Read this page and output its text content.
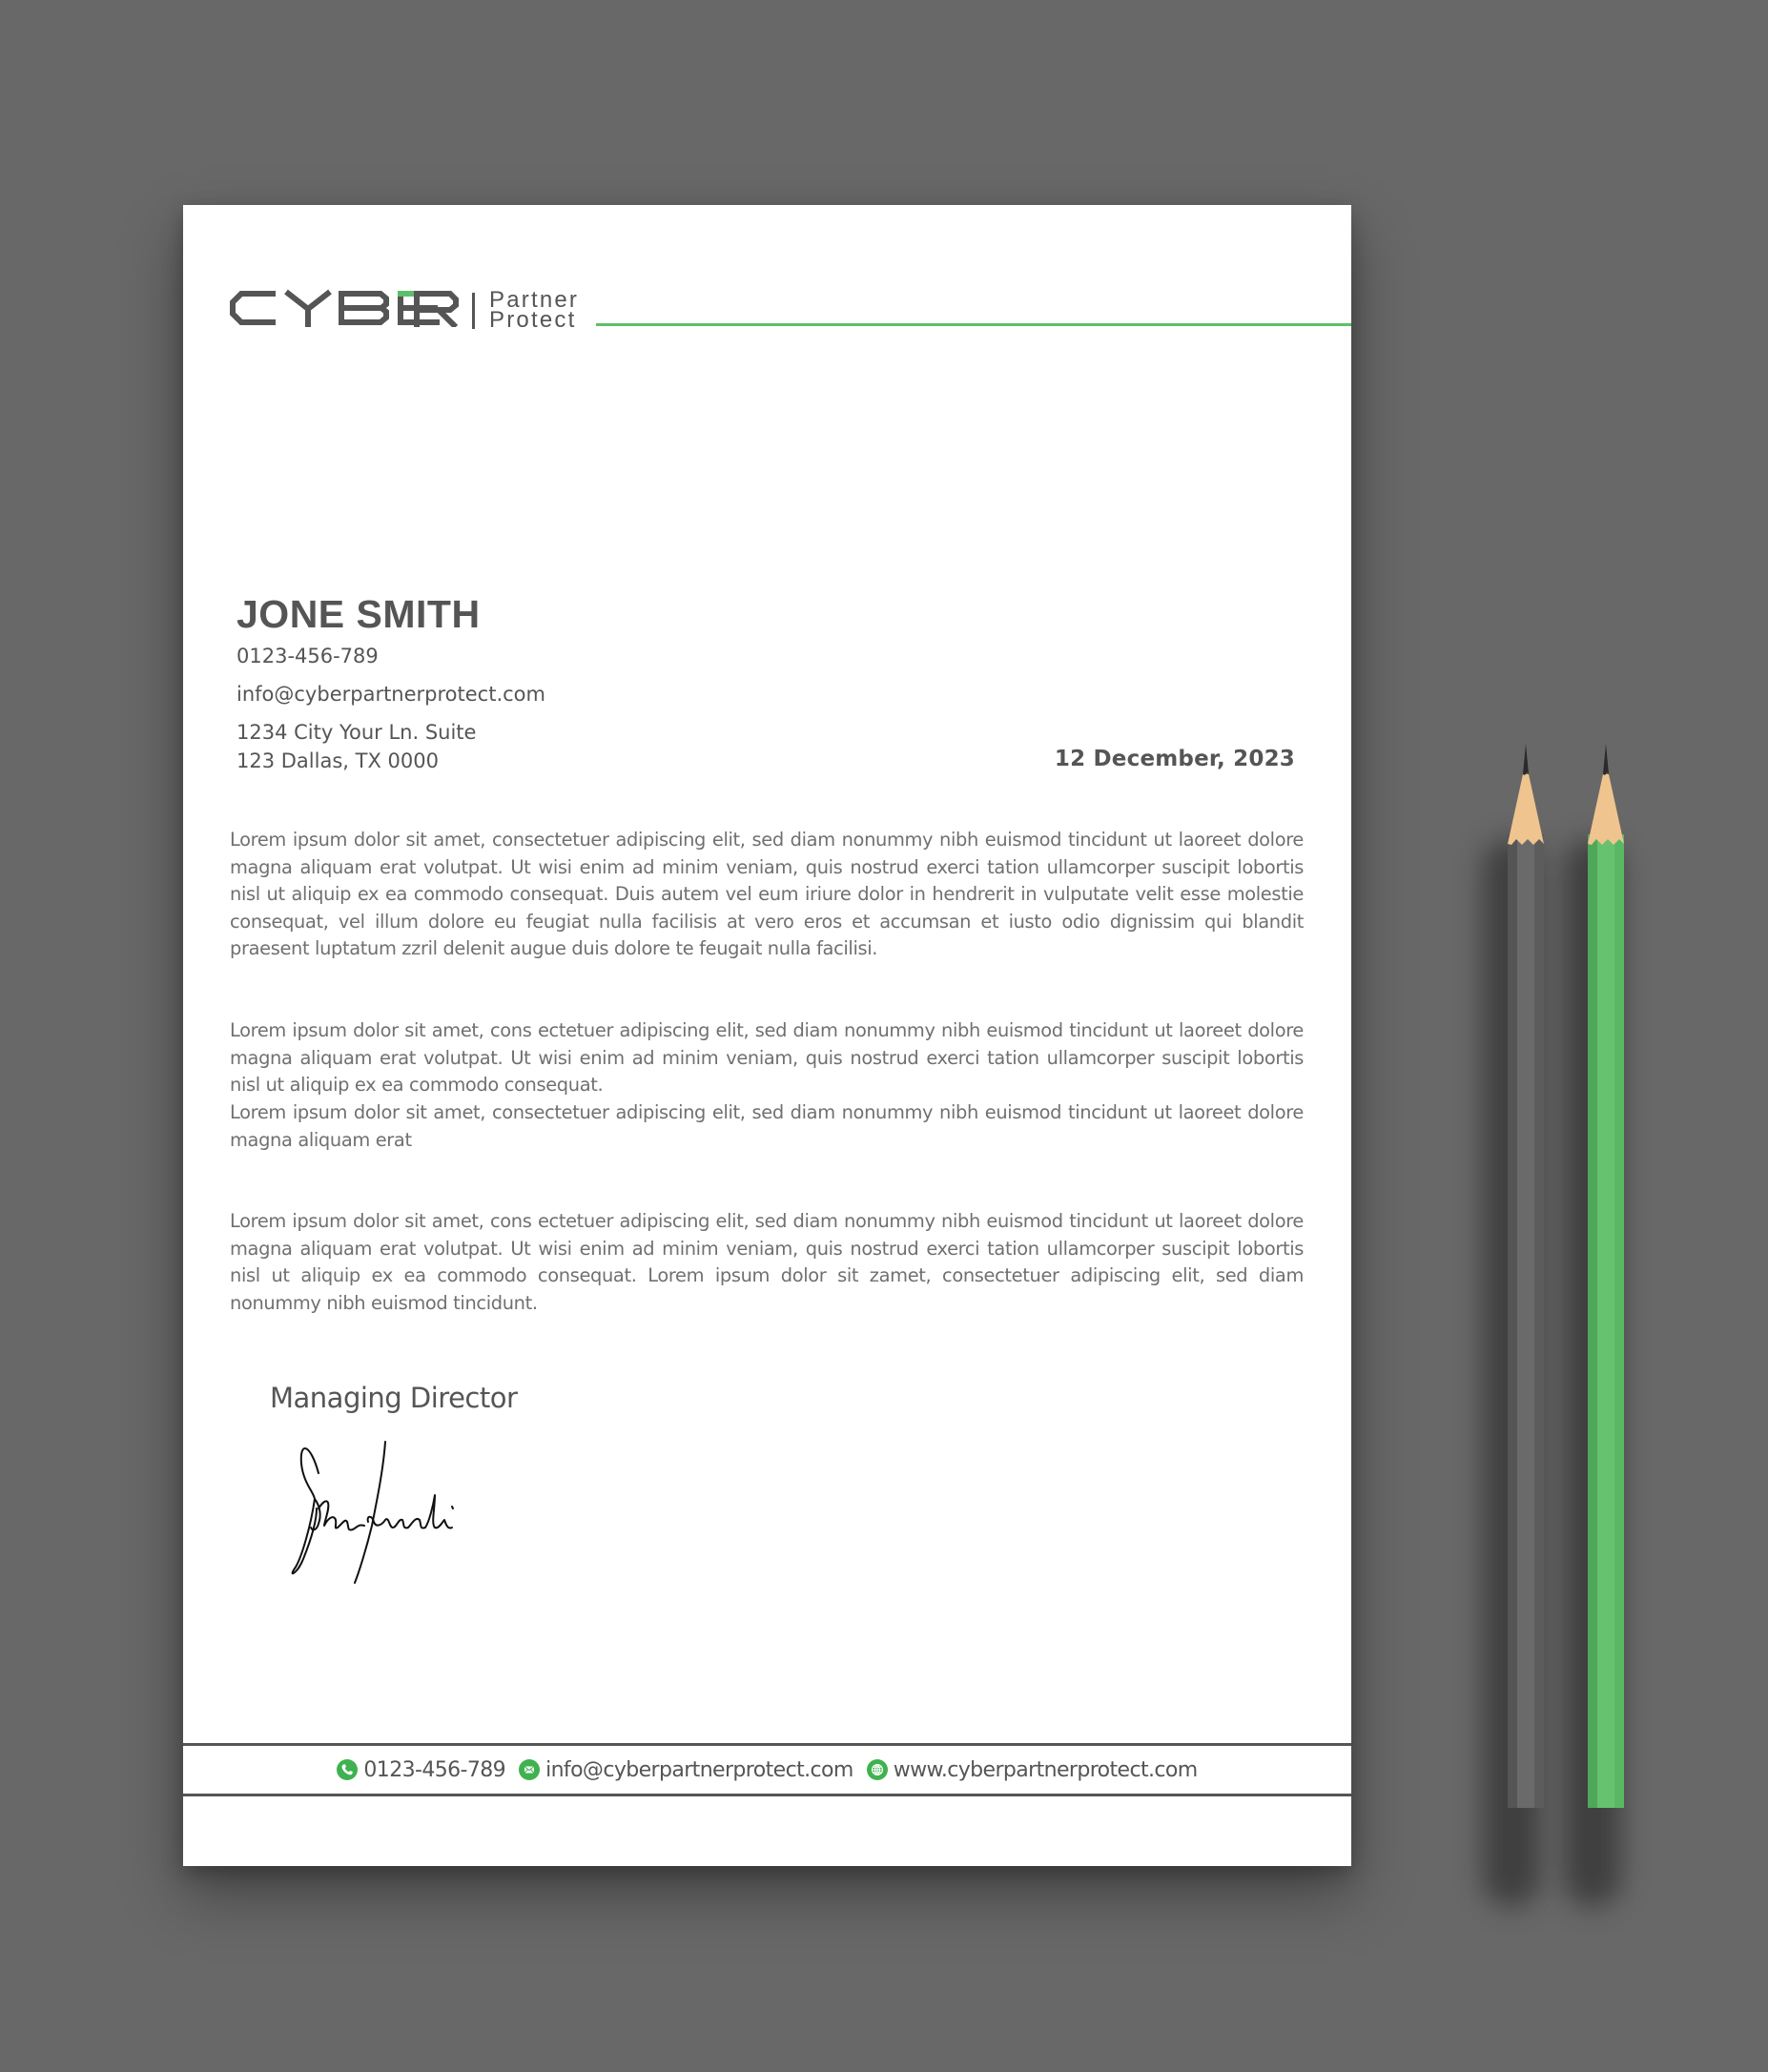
Partner
Protect
JONE SMITH
0123-456-789
info@cyberpartnerprotect.com
1234 City Your Ln. Suite
123 Dallas, TX 0000	12 December, 2023
Lorem ipsum dolor sit amet, consectetuer adipiscing elit, sed diam nonummy nibh euismod tincidunt ut laoreet dolore magna aliquam erat volutpat. Ut wisi enim ad minim veniam, quis nostrud exerci tation ullamcorper suscipit lobortis nisl ut aliquip ex ea commodo consequat. Duis autem vel eum iriure dolor in hendrerit in vulputate velit esse molestie consequat, vel illum dolore eu feugiat nulla facilisis at vero eros et accumsan et iusto odio dignissim qui blandit praesent luptatum zzril delenit augue duis dolore te feugait nulla facilisi.
Lorem ipsum dolor sit amet, cons ectetuer adipiscing elit, sed diam nonummy nibh euismod tincidunt ut laoreet dolore magna aliquam erat volutpat. Ut wisi enim ad minim veniam, quis nostrud exerci tation ullamcorper suscipit lobortis nisl ut aliquip ex ea commodo consequat.
Lorem ipsum dolor sit amet, consectetuer adipiscing elit, sed diam nonummy nibh euismod tincidunt ut laoreet dolore magna aliquam erat
Lorem ipsum dolor sit amet, cons ectetuer adipiscing elit, sed diam nonummy nibh euismod tincidunt ut laoreet dolore magna aliquam erat volutpat. Ut wisi enim ad minim veniam, quis nostrud exerci tation ullamcorper suscipit lobortis nisl ut aliquip ex ea commodo consequat. Lorem ipsum dolor sit zamet, consectetuer adipiscing elit, sed diam nonummy nibh euismod tincidunt.
Managing Director
0123-456-789 info@cyberpartnerprotect.com www.cyberpartnerprotect.com
